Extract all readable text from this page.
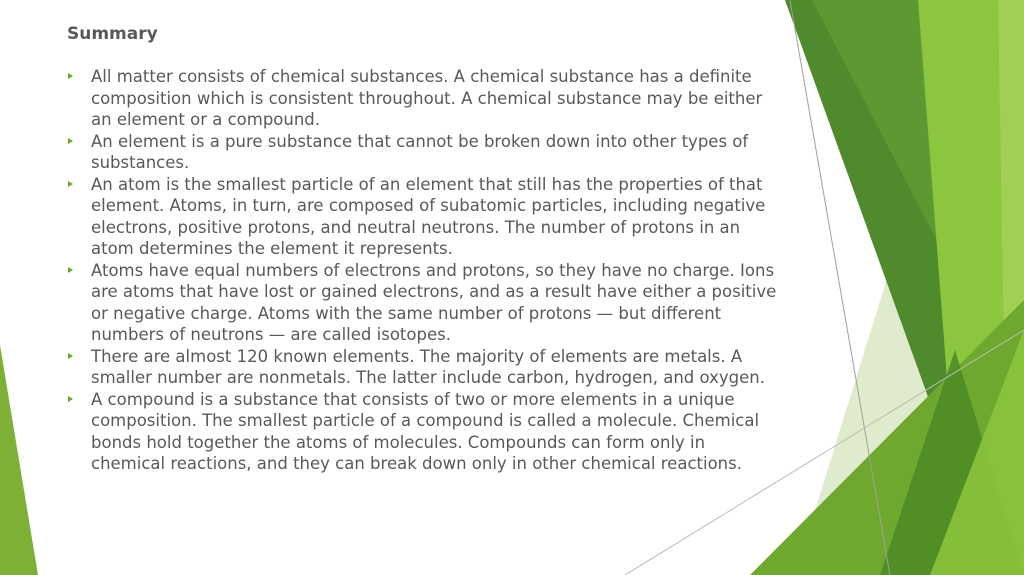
Summary
All matter consists of chemical substances. A chemical substance has a definite composition which is consistent throughout. A chemical substance may be either an element or a compound.
An element is a pure substance that cannot be broken down into other types of substances.
An atom is the smallest particle of an element that still has the properties of that element. Atoms, in turn, are composed of subatomic particles, including negative electrons, positive protons, and neutral neutrons. The number of protons in an atom determines the element it represents.
Atoms have equal numbers of electrons and protons, so they have no charge. Ions are atoms that have lost or gained electrons, and as a result have either a positive or negative charge. Atoms with the same number of protons — but different numbers of neutrons — are called isotopes.
There are almost 120 known elements. The majority of elements are metals. A smaller number are nonmetals. The latter include carbon, hydrogen, and oxygen.
A compound is a substance that consists of two or more elements in a unique composition. The smallest particle of a compound is called a molecule. Chemical bonds hold together the atoms of molecules. Compounds can form only in chemical reactions, and they can break down only in other chemical reactions.
